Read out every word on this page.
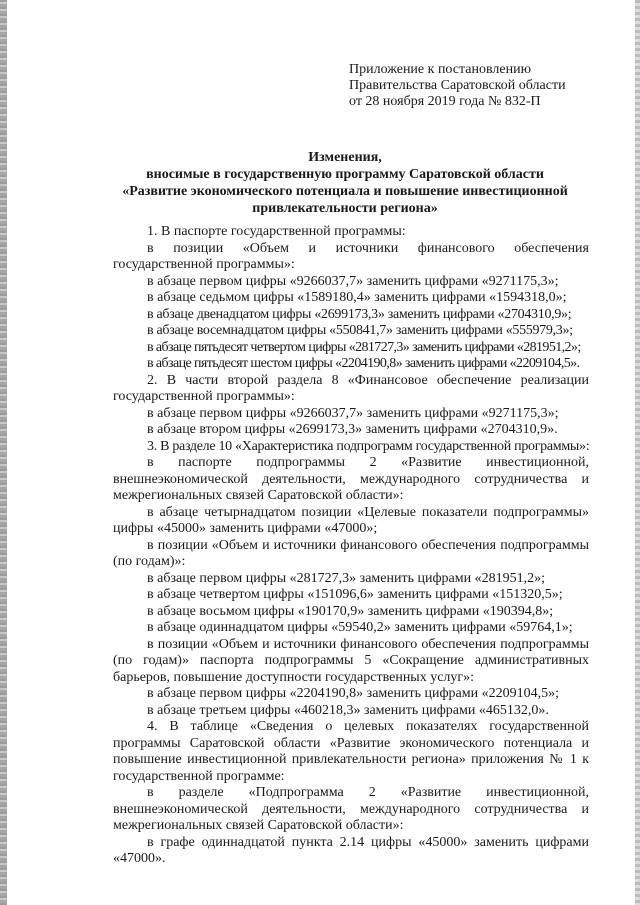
Приложение к постановлению
Правительства Саратовской области
от 28 ноября 2019 года № 832-П
Изменения,
вносимые в государственную программу Саратовской области
«Развитие экономического потенциала и повышение инвестиционной
привлекательности региона»

1. В паспорте государственной программы:

в позиции «Объем и источники финансового обеспечения государственной программы»:

в абзаце первом цифры «9266037,7» заменить цифрами «9271175,3»;

в абзаце седьмом цифры «1589180,4» заменить цифрами «1594318,0»;

в абзаце двенадцатом цифры «2699173,3» заменить цифрами «2704310,9»;

в абзаце восемнадцатом цифры «550841,7» заменить цифрами «555979,3»;

в абзаце пятьдесят четвертом цифры «281727,3» заменить цифрами «281951,2»;

в абзаце пятьдесят шестом цифры «2204190,8» заменить цифрами «2209104,5».

2. В части второй раздела 8 «Финансовое обеспечение реализации государственной программы»:

в абзаце первом цифры «9266037,7» заменить цифрами «9271175,3»;

в абзаце втором цифры «2699173,3» заменить цифрами «2704310,9».

3. В разделе 10 «Характеристика подпрограмм государственной программы»:

в паспорте подпрограммы 2 «Развитие инвестиционной, внешнеэкономической деятельности, международного сотрудничества и межрегиональных связей Саратовской области»:

в абзаце четырнадцатом позиции «Целевые показатели подпрограммы» цифры «45000» заменить цифрами «47000»;

в позиции «Объем и источники финансового обеспечения подпрограммы (по годам)»:

в абзаце первом цифры «281727,3» заменить цифрами «281951,2»;

в абзаце четвертом цифры «151096,6» заменить цифрами «151320,5»;

в абзаце восьмом цифры «190170,9» заменить цифрами «190394,8»;

в абзаце одиннадцатом цифры «59540,2» заменить цифрами «59764,1»;

в позиции «Объем и источники финансового обеспечения подпрограммы (по годам)» паспорта подпрограммы 5 «Сокращение административных барьеров, повышение доступности государственных услуг»:

в абзаце первом цифры «2204190,8» заменить цифрами «2209104,5»;

в абзаце третьем цифры «460218,3» заменить цифрами «465132,0».

4. В таблице «Сведения о целевых показателях государственной программы Саратовской области «Развитие экономического потенциала и повышение инвестиционной привлекательности региона» приложения № 1 к государственной программе:

в разделе «Подпрограмма 2 «Развитие инвестиционной, внешнеэкономической деятельности, международного сотрудничества и межрегиональных связей Саратовской области»:

в графе одиннадцатой пункта 2.14 цифры «45000» заменить цифрами «47000».
